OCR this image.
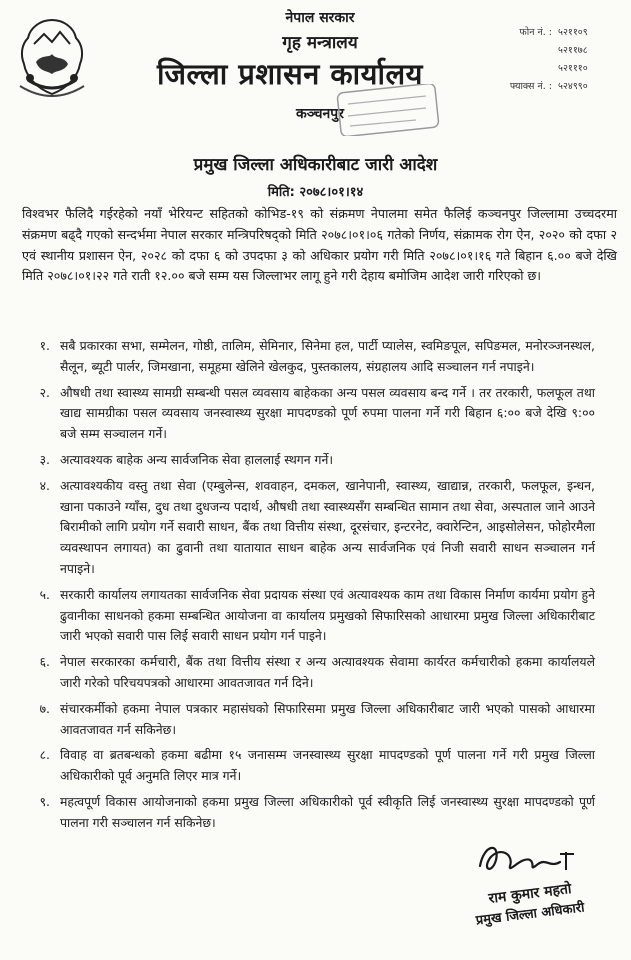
नेपाल सरकार
गृह मन्त्रालय
जिल्ला प्रशासन कार्यालय
कञ्चनपुर
फोन नं. : ५२११०९
५२११७८
५२१११०
फ्याक्स नं. : ५२४९९०
प्रमुख जिल्ला अधिकारीबाट जारी आदेश
मिति: २०७८।०१।१४

विश्वभर फैलिदै गईरहेको नयाँ भेरियन्ट सहितको कोभिड-१९ को संक्रमण नेपालमा समेत फैलिई कञ्चनपुर जिल्लामा उच्चदरमा संक्रमण बढ्दै गएको सन्दर्भमा नेपाल सरकार मन्त्रिपरिषद्को मिति २०७८।०१।०६ गतेको निर्णय, संक्रामक रोग ऐन, २०२० को दफा २ एवं स्थानीय प्रशासन ऐन, २०२८ को दफा ६ को उपदफा ३ को अधिकार प्रयोग गरी मिति २०७८।०१।१६ गते बिहान ६.०० बजे देखि मिति २०७८।०१।२२ गते राती १२.०० बजे सम्म यस जिल्लाभर लागू हुने गरी देहाय बमोजिम आदेश जारी गरिएको छ।

१. सबै प्रकारका सभा, सम्मेलन, गोष्ठी, तालिम, सेमिनार, सिनेमा हल, पार्टी प्यालेस, स्वमिङपूल, सपिङमल, मनोरञ्जनस्थल, सैलून, ब्यूटी पार्लर, जिमखाना, समूहमा खेलिने खेलकुद, पुस्तकालय, संग्रहालय आदि सञ्चालन गर्न नपाइने।
२. औषधी तथा स्वास्थ्य सामग्री सम्बन्धी पसल व्यवसाय बाहेकका अन्य पसल व्यवसाय बन्द गर्ने । तर तरकारी, फलफूल तथा खाद्य सामग्रीका पसल व्यवसाय जनस्वास्थ्य सुरक्षा मापदण्डको पूर्ण रुपमा पालना गर्ने गरी बिहान ६:०० बजे देखि ९:०० बजे सम्म सञ्चालन गर्ने।
३. अत्यावश्यक बाहेक अन्य सार्वजनिक सेवा हाललाई स्थगन गर्ने।
४. अत्यावश्यकीय वस्तु तथा सेवा (एम्बुलेन्स, शववाहन, दमकल, खानेपानी, स्वास्थ्य, खाद्यान्न, तरकारी, फलफूल, इन्धन, खाना पकाउने ग्याँस, दुध तथा दुधजन्य पदार्थ, औषधी तथा स्वास्थ्यसँग सम्बन्धित सामान तथा सेवा, अस्पताल जाने आउने बिरामीको लागि प्रयोग गर्ने सवारी साधन, बैंक तथा वित्तीय संस्था, दूरसंचार, इन्टरनेट, क्वारेन्टिन, आइसोलेसन, फोहोरमैला व्यवस्थापन लगायत) का ढुवानी तथा यातायात साधन बाहेक अन्य सार्वजनिक एवं निजी सवारी साधन सञ्चालन गर्न नपाइने।
५. सरकारी कार्यालय लगायतका सार्वजनिक सेवा प्रदायक संस्था एवं अत्यावश्यक काम तथा विकास निर्माण कार्यमा प्रयोग हुने ढुवानीका साधनको हकमा सम्बन्धित आयोजना वा कार्यालय प्रमुखको सिफारिसको आधारमा प्रमुख जिल्ला अधिकारीबाट जारी भएको सवारी पास लिई सवारी साधन प्रयोग गर्न पाइने।
६. नेपाल सरकारका कर्मचारी, बैंक तथा वित्तीय संस्था र अन्य अत्यावश्यक सेवामा कार्यरत कर्मचारीको हकमा कार्यालयले जारी गरेको परिचयपत्रको आधारमा आवतजावत गर्न दिने।
७. संचारकर्मीको हकमा नेपाल पत्रकार महासंघको सिफारिसमा प्रमुख जिल्ला अधिकारीबाट जारी भएको पासको आधारमा आवतजावत गर्न सकिनेछ।
८. विवाह वा ब्रतबन्धको हकमा बढीमा १५ जनासम्म जनस्वास्थ्य सुरक्षा मापदण्डको पूर्ण पालना गर्ने गरी प्रमुख जिल्ला अधिकारीको पूर्व अनुमति लिएर मात्र गर्ने।
९. महत्वपूर्ण विकास आयोजनाको हकमा प्रमुख जिल्ला अधिकारीको पूर्व स्वीकृति लिई जनस्वास्थ्य सुरक्षा मापदण्डको पूर्ण पालना गरी सञ्चालन गर्न सकिनेछ।
राम कुमार महतो
प्रमुख जिल्ला अधिकारी
